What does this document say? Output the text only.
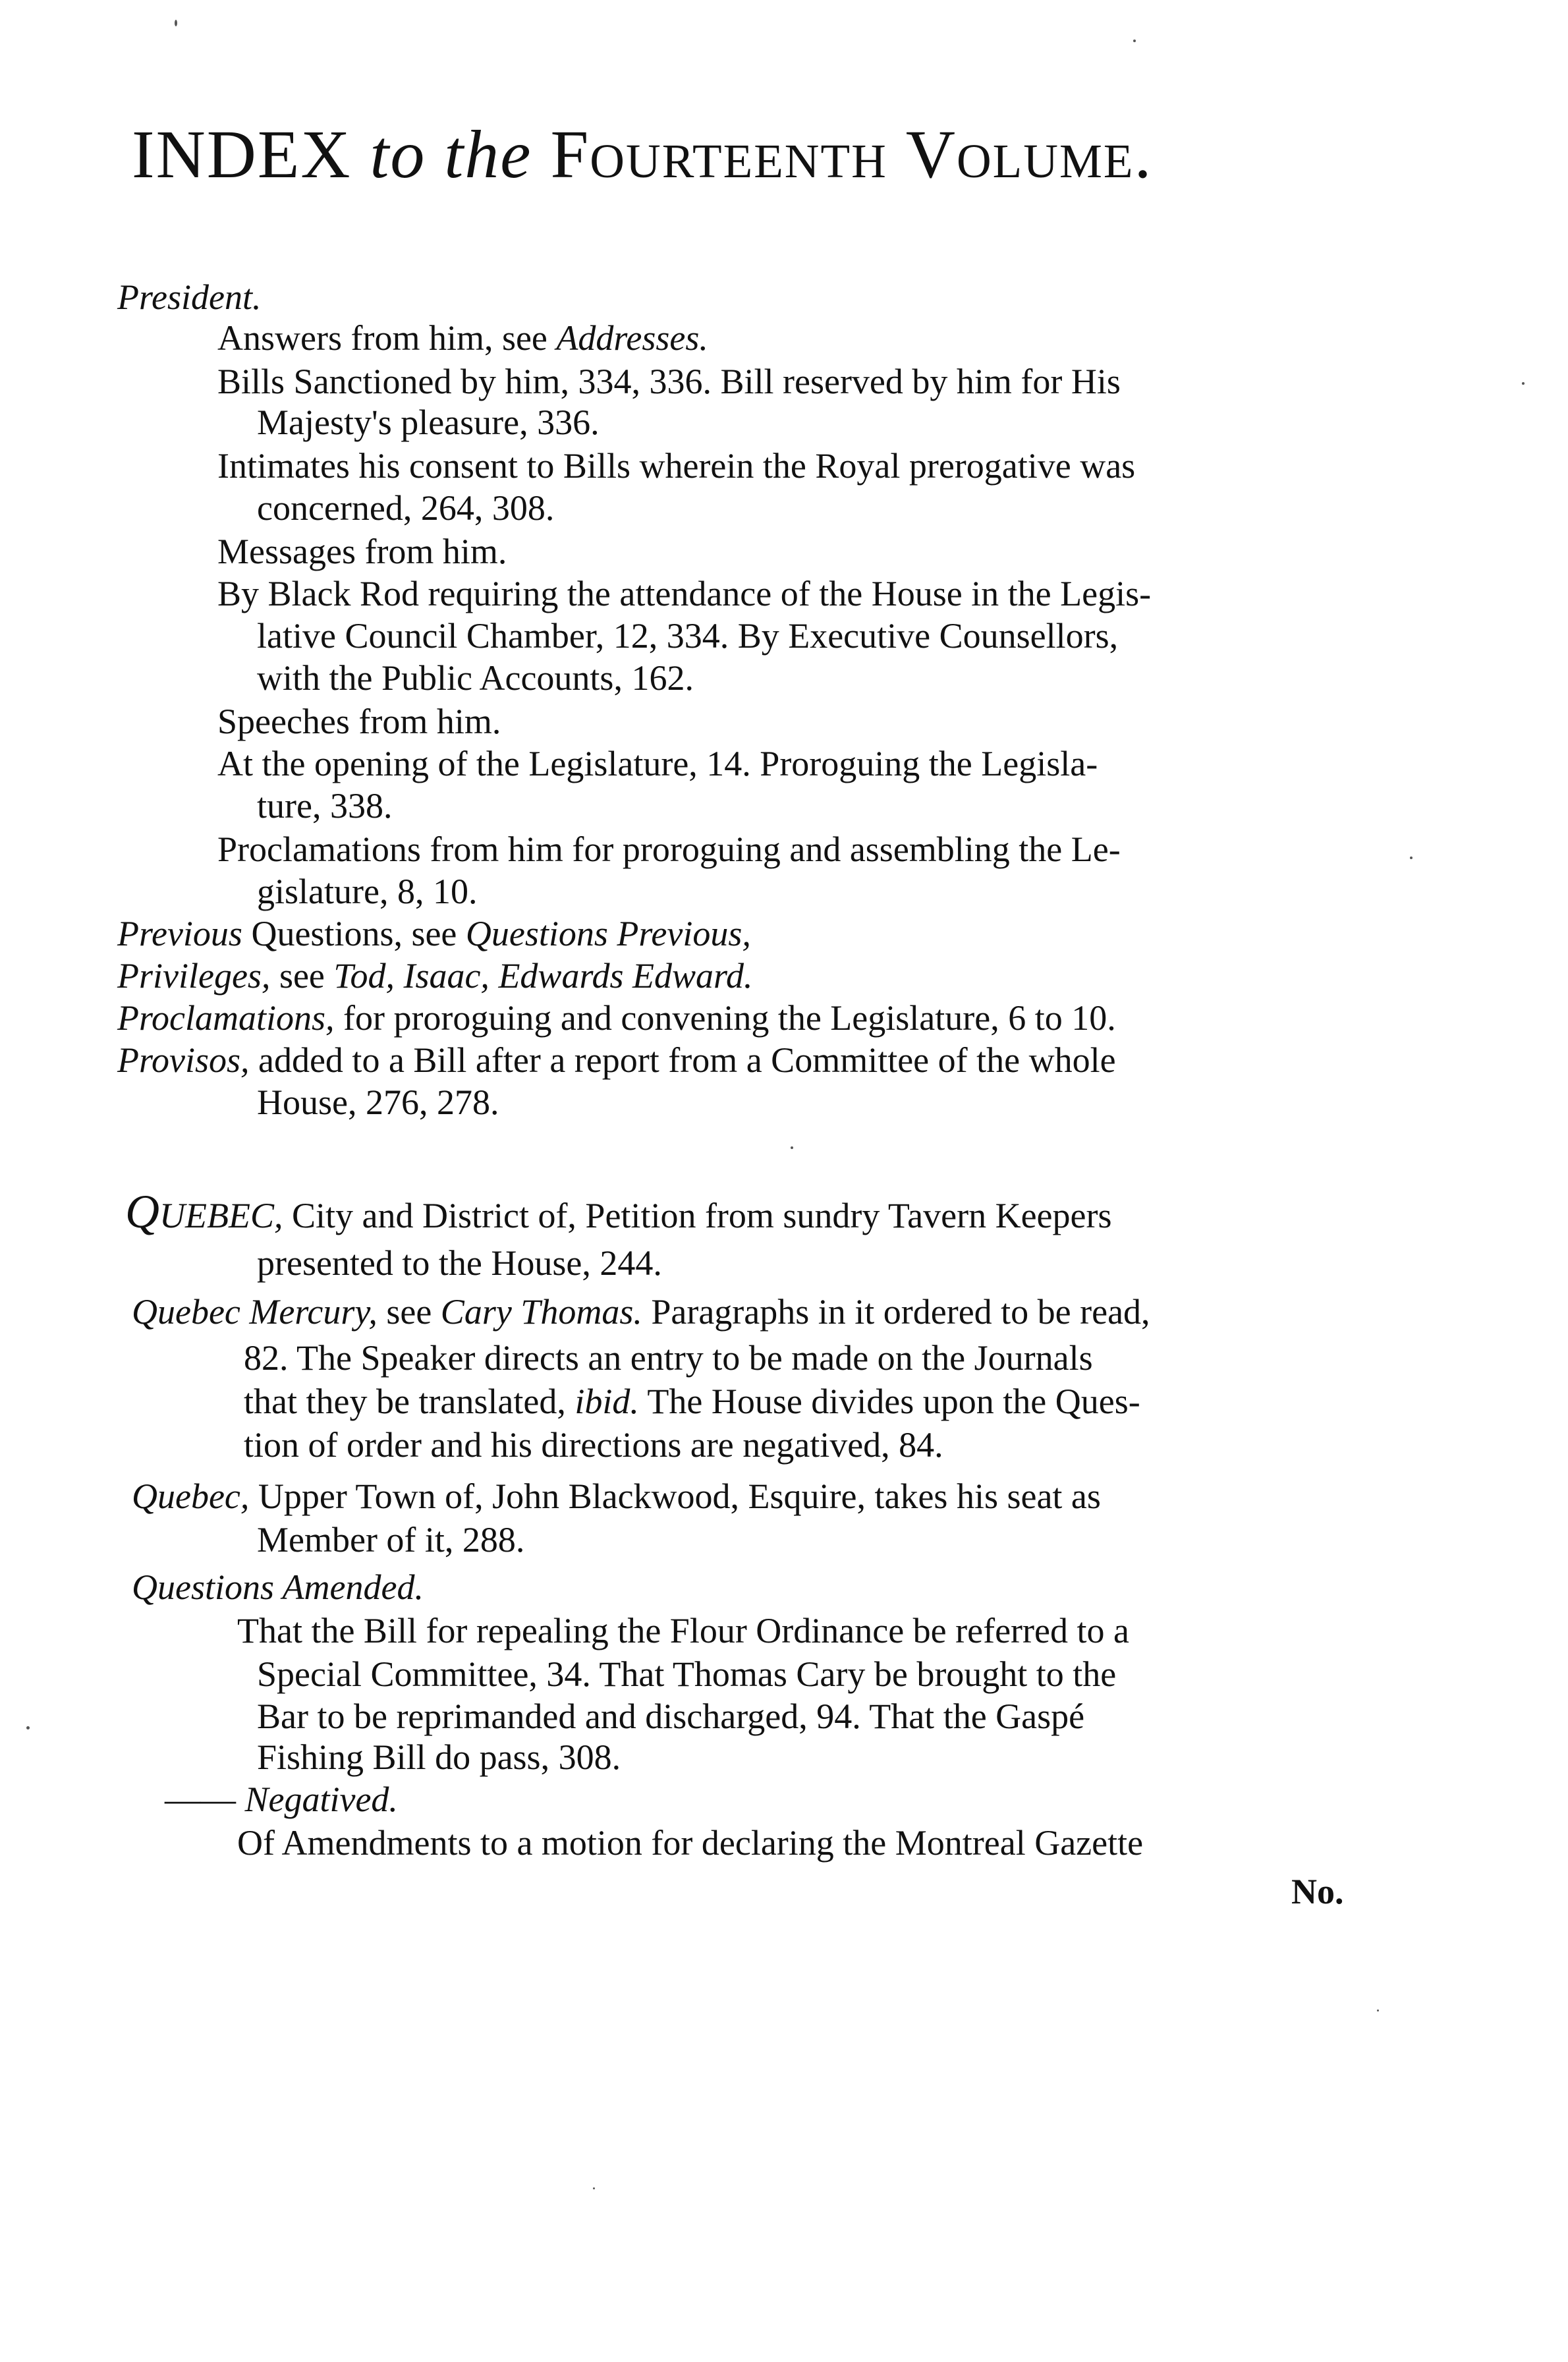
INDEX to the Fourteenth Volume.

President.

Answers from him, see Addresses.

Bills Sanctioned by him, 334, 336. Bill reserved by him for His

Majesty's pleasure, 336.

Intimates his consent to Bills wherein the Royal prerogative was

concerned, 264, 308.

Messages from him.

By Black Rod requiring the attendance of the House in the Legis-

lative Council Chamber, 12, 334. By Executive Counsellors,

with the Public Accounts, 162.

Speeches from him.

At the opening of the Legislature, 14. Proroguing the Legisla-

ture, 338.

Proclamations from him for proroguing and assembling the Le-

gislature, 8, 10.

Previous Questions, see Questions Previous,

Privileges, see Tod, Isaac, Edwards Edward.

Proclamations, for proroguing and convening the Legislature, 6 to 10.

Provisos, added to a Bill after a report from a Committee of the whole

House, 276, 278.

QUEBEC, City and District of, Petition from sundry Tavern Keepers

presented to the House, 244.

Quebec Mercury, see Cary Thomas. Paragraphs in it ordered to be read,

82. The Speaker directs an entry to be made on the Journals

that they be translated, ibid. The House divides upon the Ques-

tion of order and his directions are negatived, 84.

Quebec, Upper Town of, John Blackwood, Esquire, takes his seat as

Member of it, 288.

Questions Amended.

That the Bill for repealing the Flour Ordinance be referred to a

Special Committee, 34. That Thomas Cary be brought to the

Bar to be reprimanded and discharged, 94. That the Gaspé

Fishing Bill do pass, 308.

—— Negatived.

Of Amendments to a motion for declaring the Montreal Gazette

No.
